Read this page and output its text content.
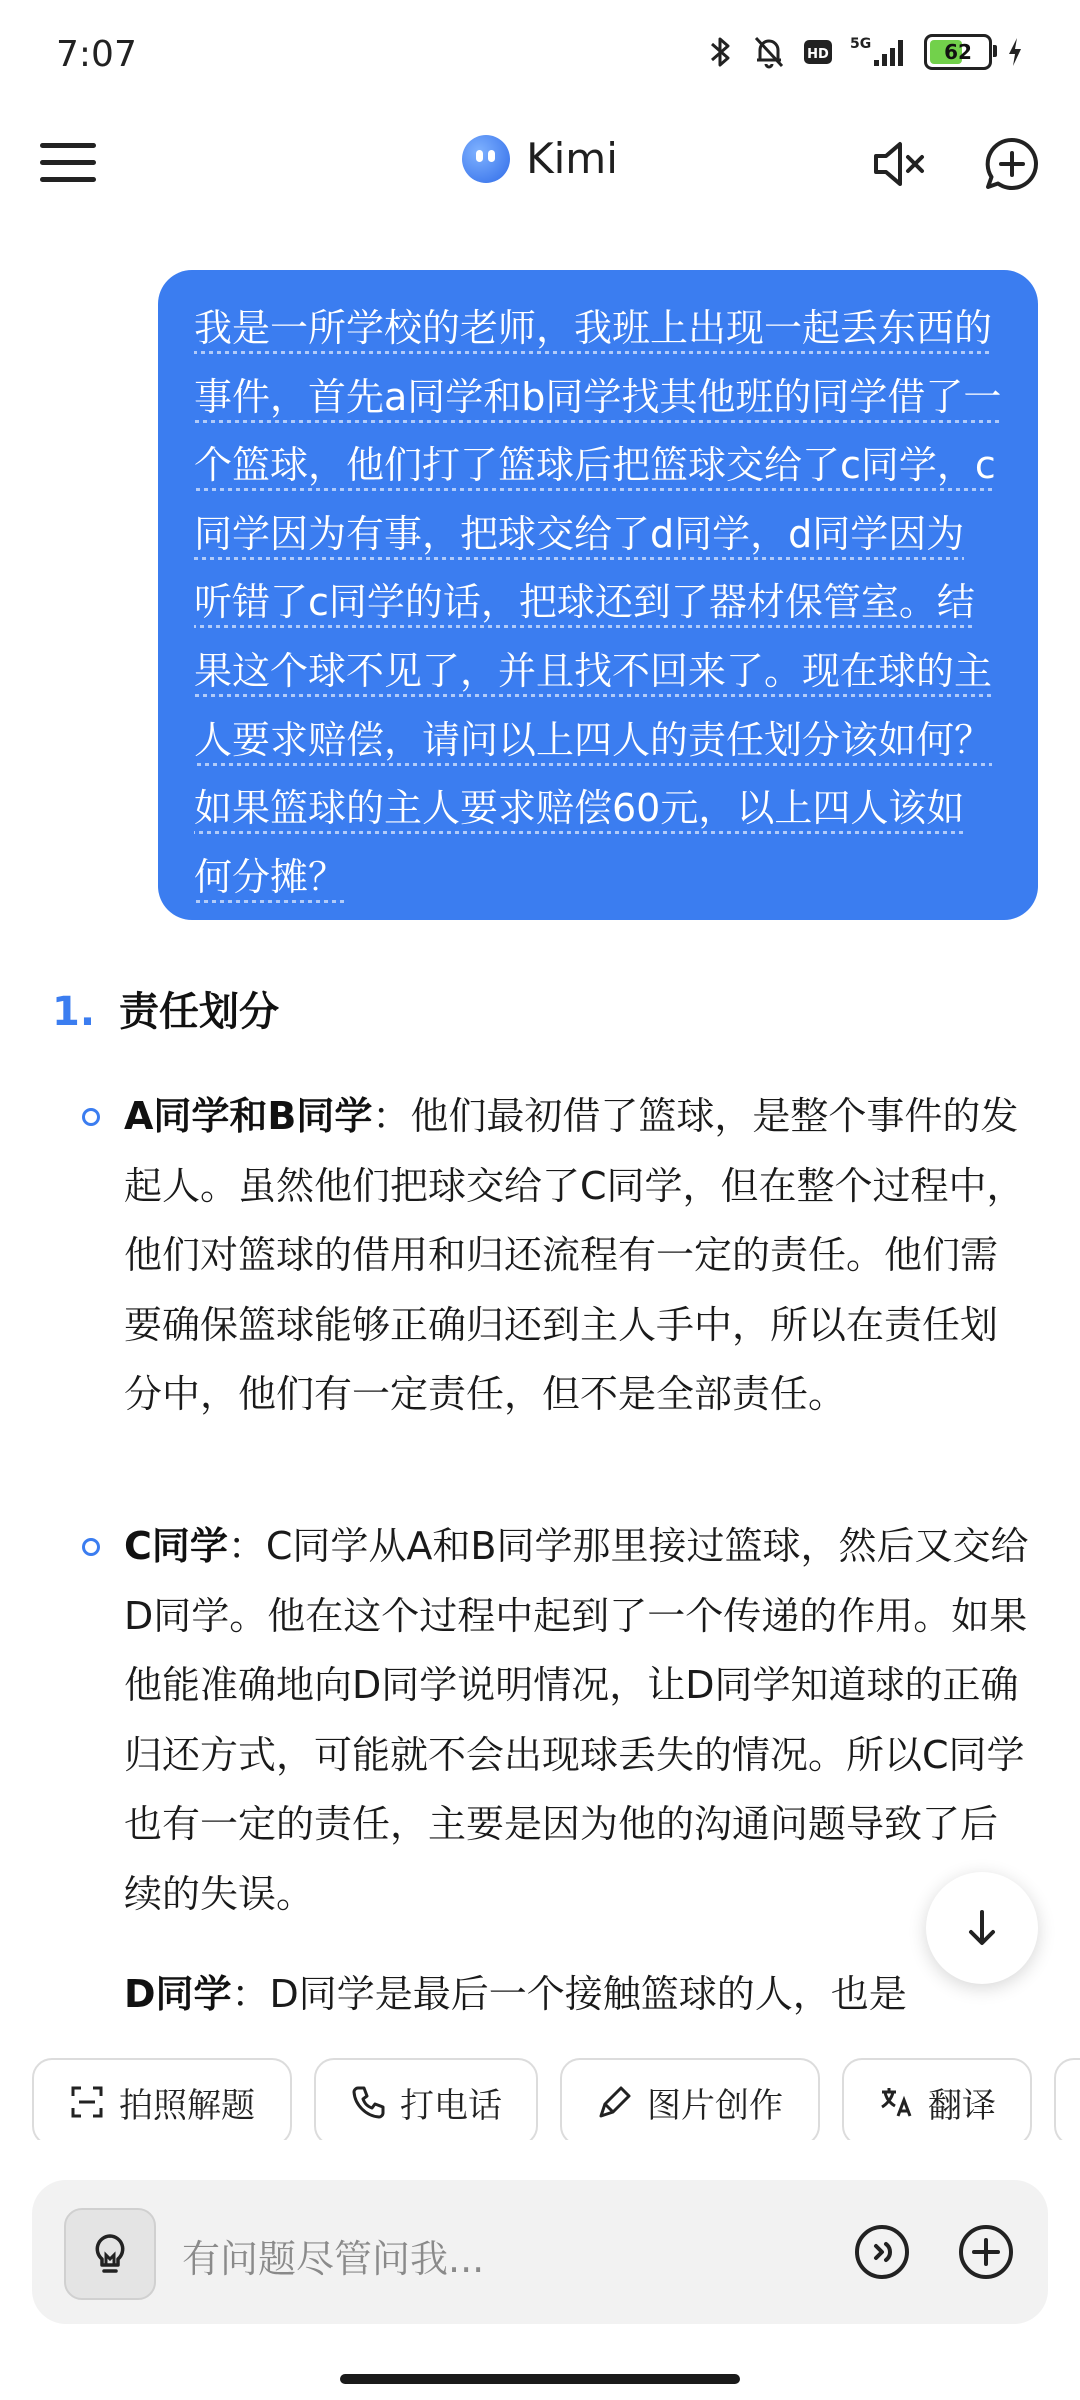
7:07	HD
5G	62
Kimi

我是一所学校的老师，我班上出现一起丢东西的事件，首先a同学和b同学找其他班的同学借了一个篮球，他们打了篮球后把篮球交给了c同学，c同学因为有事，把球交给了d同学，d同学因为听错了c同学的话，把球还到了器材保管室。结果这个球不见了，并且找不回来了。现在球的主人要求赔偿，请问以上四人的责任划分该如何？如果篮球的主人要求赔偿60元，以上四人该如何分摊？

1. 责任划分

A同学和B同学：他们最初借了篮球，是整个事件的发起人。虽然他们把球交给了C同学，但在整个过程中，他们对篮球的借用和归还流程有一定的责任。他们需要确保篮球能够正确归还到主人手中，所以在责任划分中，他们有一定责任，但不是全部责任。

C同学：C同学从A和B同学那里接过篮球，然后又交给D同学。他在这个过程中起到了一个传递的作用。如果他能准确地向D同学说明情况，让D同学知道球的正确归还方式，可能就不会出现球丢失的情况。所以C同学也有一定的责任，主要是因为他的沟通问题导致了后续的失误。

D同学：D同学是最后一个接触篮球的人，也是

拍照解题	打电话	图片创作	翻译
有问题尽管问我...
